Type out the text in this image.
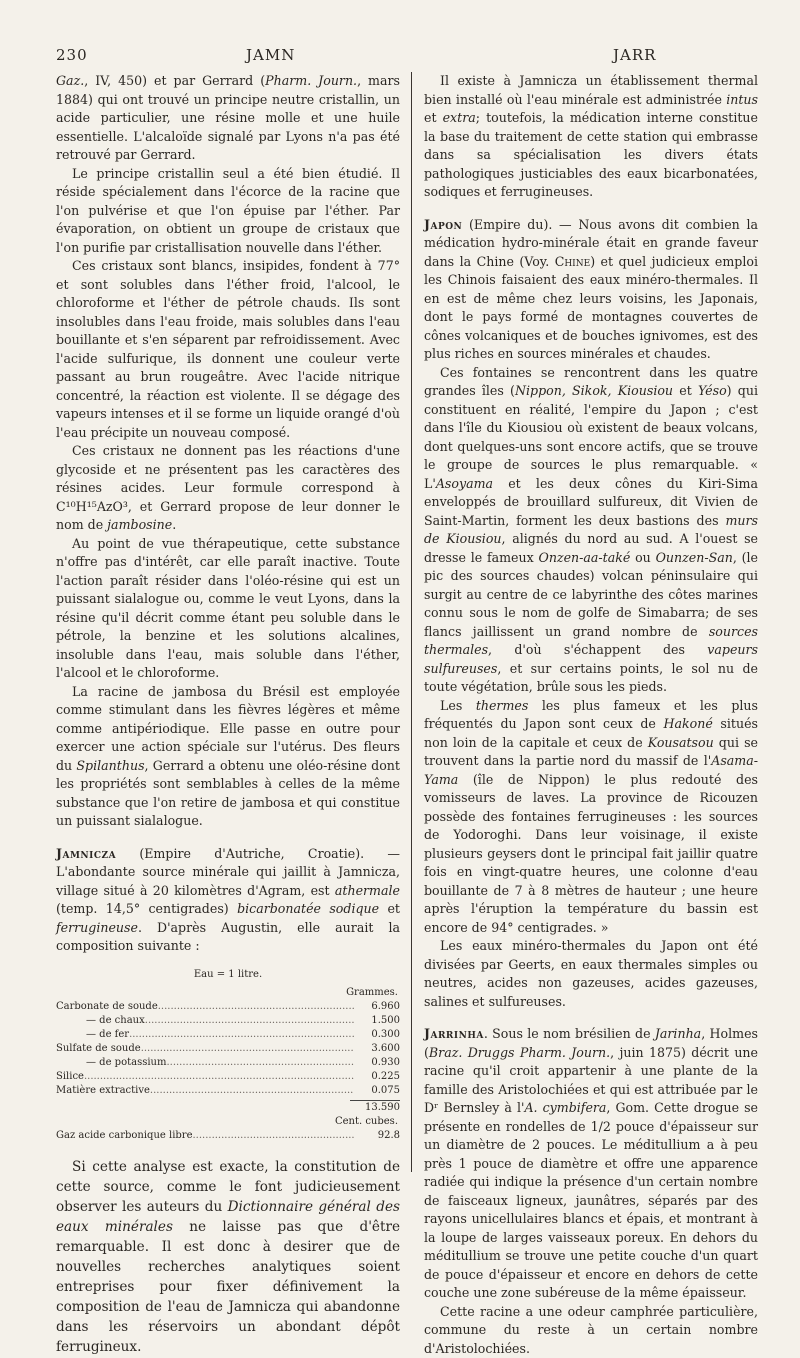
230	JAMN	JARR

Gaz., IV, 450) et par Gerrard (Pharm. Journ., mars 1884) qui ont trouvé un principe neutre cristallin, un acide particulier, une résine molle et une huile essentielle. L'alcaloïde signalé par Lyons n'a pas été retrouvé par Gerrard.

Le principe cristallin seul a été bien étudié. Il réside spécialement dans l'écorce de la racine que l'on pulvérise et que l'on épuise par l'éther. Par évaporation, on obtient un groupe de cristaux que l'on purifie par cristallisation nouvelle dans l'éther.

Ces cristaux sont blancs, insipides, fondent à 77° et sont solubles dans l'éther froid, l'alcool, le chloroforme et l'éther de pétrole chauds. Ils sont insolubles dans l'eau froide, mais solubles dans l'eau bouillante et s'en séparent par refroidissement. Avec l'acide sulfurique, ils donnent une couleur verte passant au brun rougeâtre. Avec l'acide nitrique concentré, la réaction est violente. Il se dégage des vapeurs intenses et il se forme un liquide orangé d'où l'eau précipite un nouveau composé.

Ces cristaux ne donnent pas les réactions d'une glycoside et ne présentent pas les caractères des résines acides. Leur formule correspond à C¹⁰H¹⁵AzO³, et Gerrard propose de leur donner le nom de jambosine.

Au point de vue thérapeutique, cette substance n'offre pas d'intérêt, car elle paraît inactive. Toute l'action paraît résider dans l'oléo-résine qui est un puissant sialalogue ou, comme le veut Lyons, dans la résine qu'il décrit comme étant peu soluble dans le pétrole, la benzine et les solutions alcalines, insoluble dans l'eau, mais soluble dans l'éther, l'alcool et le chloroforme.

La racine de jambosa du Brésil est employée comme stimulant dans les fièvres légères et même comme antipériodique. Elle passe en outre pour exercer une action spéciale sur l'utérus. Des fleurs du Spilanthus, Gerrard a obtenu une oléo-résine dont les propriétés sont semblables à celles de la même substance que l'on retire de jambosa et qui constitue un puissant sialalogue.

Jamnicza (Empire d'Autriche, Croatie). — L'abondante source minérale qui jaillit à Jamnicza, village situé à 20 kilomètres d'Agram, est athermale (temp. 14,5° centigrades) bicarbonatée sodique et ferrugineuse. D'après Augustin, elle aurait la composition suivante :

Eau = 1 litre.
Grammes.
Carbonate de soude .....	6.960
— de chaux .....	1.500
— de fer .....	0.300
Sulfate de soude .....	3.600
— de potassium .....	0.930
Silice .....	0.225
Matière extractive .....	0.075
13.590
Cent. cubes.
Gaz acide carbonique libre .....	92.8

Si cette analyse est exacte, la constitution de cette source, comme le font judicieusement observer les auteurs du Dictionnaire général des eaux minérales ne laisse pas que d'être remarquable. Il est donc à desirer que de nouvelles recherches analytiques soient entreprises pour fixer définivement la composition de l'eau de Jamnicza qui abandonne dans les réservoirs un abondant dépôt ferrugineux.

Il existe à Jamnicza un établissement thermal bien installé où l'eau minérale est administrée intus et extra; toutefois, la médication interne constitue la base du traitement de cette station qui embrasse dans sa spécialisation les divers états pathologiques justiciables des eaux bicarbonatées, sodiques et ferrugineuses.

Japon (Empire du). — Nous avons dit combien la médication hydro-minérale était en grande faveur dans la Chine (Voy. Chine) et quel judicieux emploi les Chinois faisaient des eaux minéro-thermales. Il en est de même chez leurs voisins, les Japonais, dont le pays formé de montagnes couvertes de cônes volcaniques et de bouches ignivomes, est des plus riches en sources minérales et chaudes.

Ces fontaines se rencontrent dans les quatre grandes îles (Nippon, Sikok, Kiousiou et Yéso) qui constituent en réalité, l'empire du Japon ; c'est dans l'île du Kiousiou où existent de beaux volcans, dont quelques-uns sont encore actifs, que se trouve le groupe de sources le plus remarquable. « L'Asoyama et les deux cônes du Kiri-Sima enveloppés de brouillard sulfureux, dit Vivien de Saint-Martin, forment les deux bastions des murs de Kiousiou, alignés du nord au sud. A l'ouest se dresse le fameux Onzen-aa-také ou Ounzen-San, (le pic des sources chaudes) volcan péninsulaire qui surgit au centre de ce labyrinthe des côtes marines connu sous le nom de golfe de Simabarra; de ses flancs jaillissent un grand nombre de sources thermales, d'où s'échappent des vapeurs sulfureuses, et sur certains points, le sol nu de toute végétation, brûle sous les pieds.

Les thermes les plus fameux et les plus fréquentés du Japon sont ceux de Hakoné situés non loin de la capitale et ceux de Kousatsou qui se trouvent dans la partie nord du massif de l'Asama-Yama (île de Nippon) le plus redouté des vomisseurs de laves. La province de Ricouzen possède des fontaines ferrugineuses : les sources de Yodoroghi. Dans leur voisinage, il existe plusieurs geysers dont le principal fait jaillir quatre fois en vingt-quatre heures, une colonne d'eau bouillante de 7 à 8 mètres de hauteur ; une heure après l'éruption la température du bassin est encore de 94° centigrades. »

Les eaux minéro-thermales du Japon ont été divisées par Geerts, en eaux thermales simples ou neutres, acides non gazeuses, acides gazeuses, salines et sulfureuses.

Jarrinha. Sous le nom brésilien de Jarinha, Holmes (Braz. Druggs Pharm. Journ., juin 1875) décrit une racine qu'il croit appartenir à une plante de la famille des Aristolochiées et qui est attribuée par le Dʳ Bernsley à l'A. cymbifera, Gom. Cette drogue se présente en rondelles de 1/2 pouce d'épaisseur sur un diamètre de 2 pouces. Le méditullium a à peu près 1 pouce de diamètre et offre une apparence radiée qui indique la présence d'un certain nombre de faisceaux ligneux, jaunâtres, séparés par des rayons unicellulaires blancs et épais, et montrant à la loupe de larges vaisseaux poreux. En dehors du méditullium se trouve une petite couche d'un quart de pouce d'épaisseur et encore en dehors de cette couche une zone subéreuse de la même épaisseur.

Cette racine a une odeur camphrée particulière, commune du reste à un certain nombre d'Aristolochiées.
